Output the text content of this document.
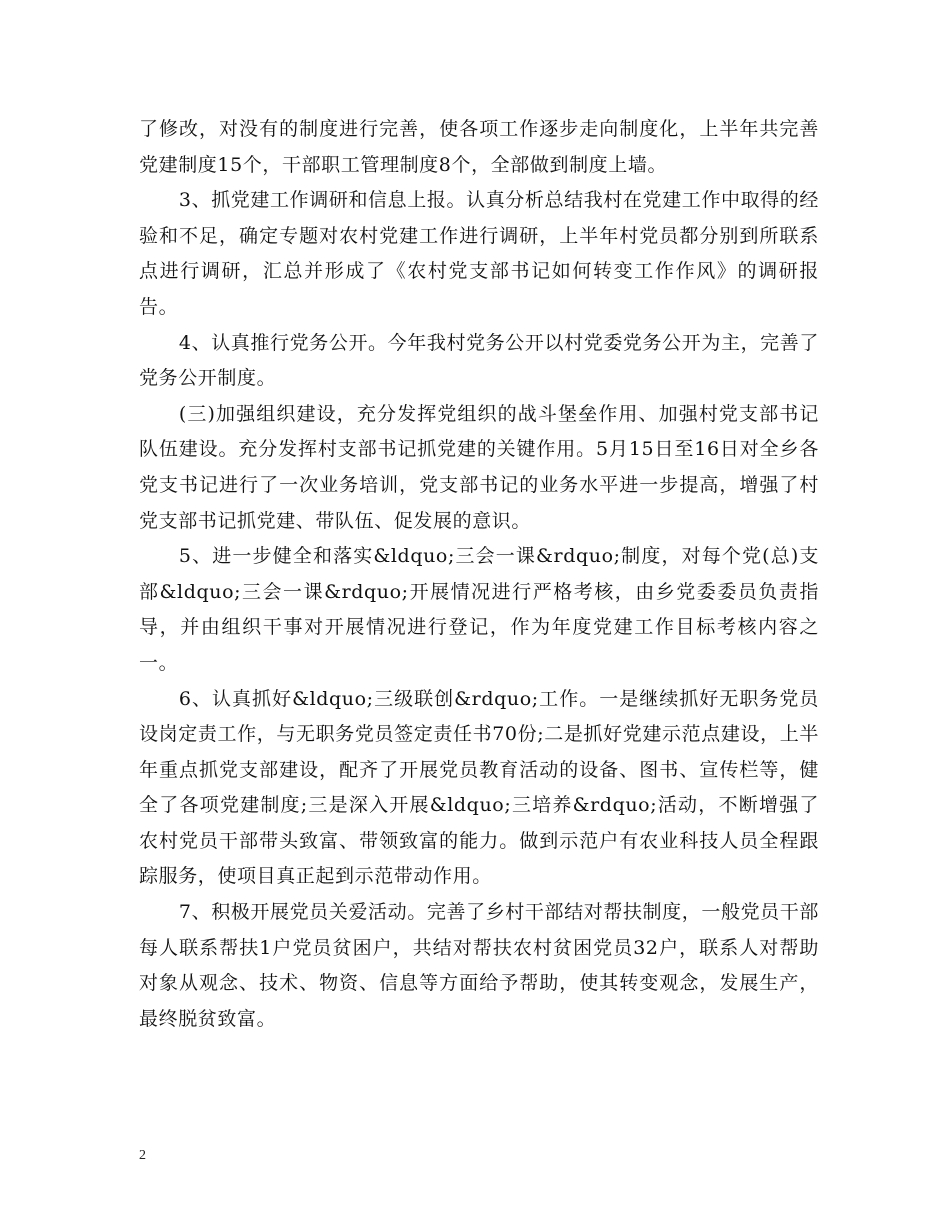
了修改，对没有的制度进行完善，使各项工作逐步走向制度化，上半年共完善党建制度15个，干部职工管理制度8个，全部做到制度上墙。

3、抓党建工作调研和信息上报。认真分析总结我村在党建工作中取得的经验和不足，确定专题对农村党建工作进行调研，上半年村党员都分别到所联系点进行调研，汇总并形成了《农村党支部书记如何转变工作作风》的调研报告。

4、认真推行党务公开。今年我村党务公开以村党委党务公开为主，完善了党务公开制度。

(三)加强组织建设，充分发挥党组织的战斗堡垒作用、加强村党支部书记队伍建设。充分发挥村支部书记抓党建的关键作用。5月15日至16日对全乡各党支书记进行了一次业务培训，党支部书记的业务水平进一步提高，增强了村党支部书记抓党建、带队伍、促发展的意识。

5、进一步健全和落实&ldquo;三会一课&rdquo;制度，对每个党(总)支部&ldquo;三会一课&rdquo;开展情况进行严格考核，由乡党委委员负责指导，并由组织干事对开展情况进行登记，作为年度党建工作目标考核内容之一。

6、认真抓好&ldquo;三级联创&rdquo;工作。一是继续抓好无职务党员设岗定责工作，与无职务党员签定责任书70份;二是抓好党建示范点建设，上半年重点抓党支部建设，配齐了开展党员教育活动的设备、图书、宣传栏等，健全了各项党建制度;三是深入开展&ldquo;三培养&rdquo;活动，不断增强了农村党员干部带头致富、带领致富的能力。做到示范户有农业科技人员全程跟踪服务，使项目真正起到示范带动作用。

7、积极开展党员关爱活动。完善了乡村干部结对帮扶制度，一般党员干部每人联系帮扶1户党员贫困户，共结对帮扶农村贫困党员32户，联系人对帮助对象从观念、技术、物资、信息等方面给予帮助，使其转变观念，发展生产，最终脱贫致富。

2
